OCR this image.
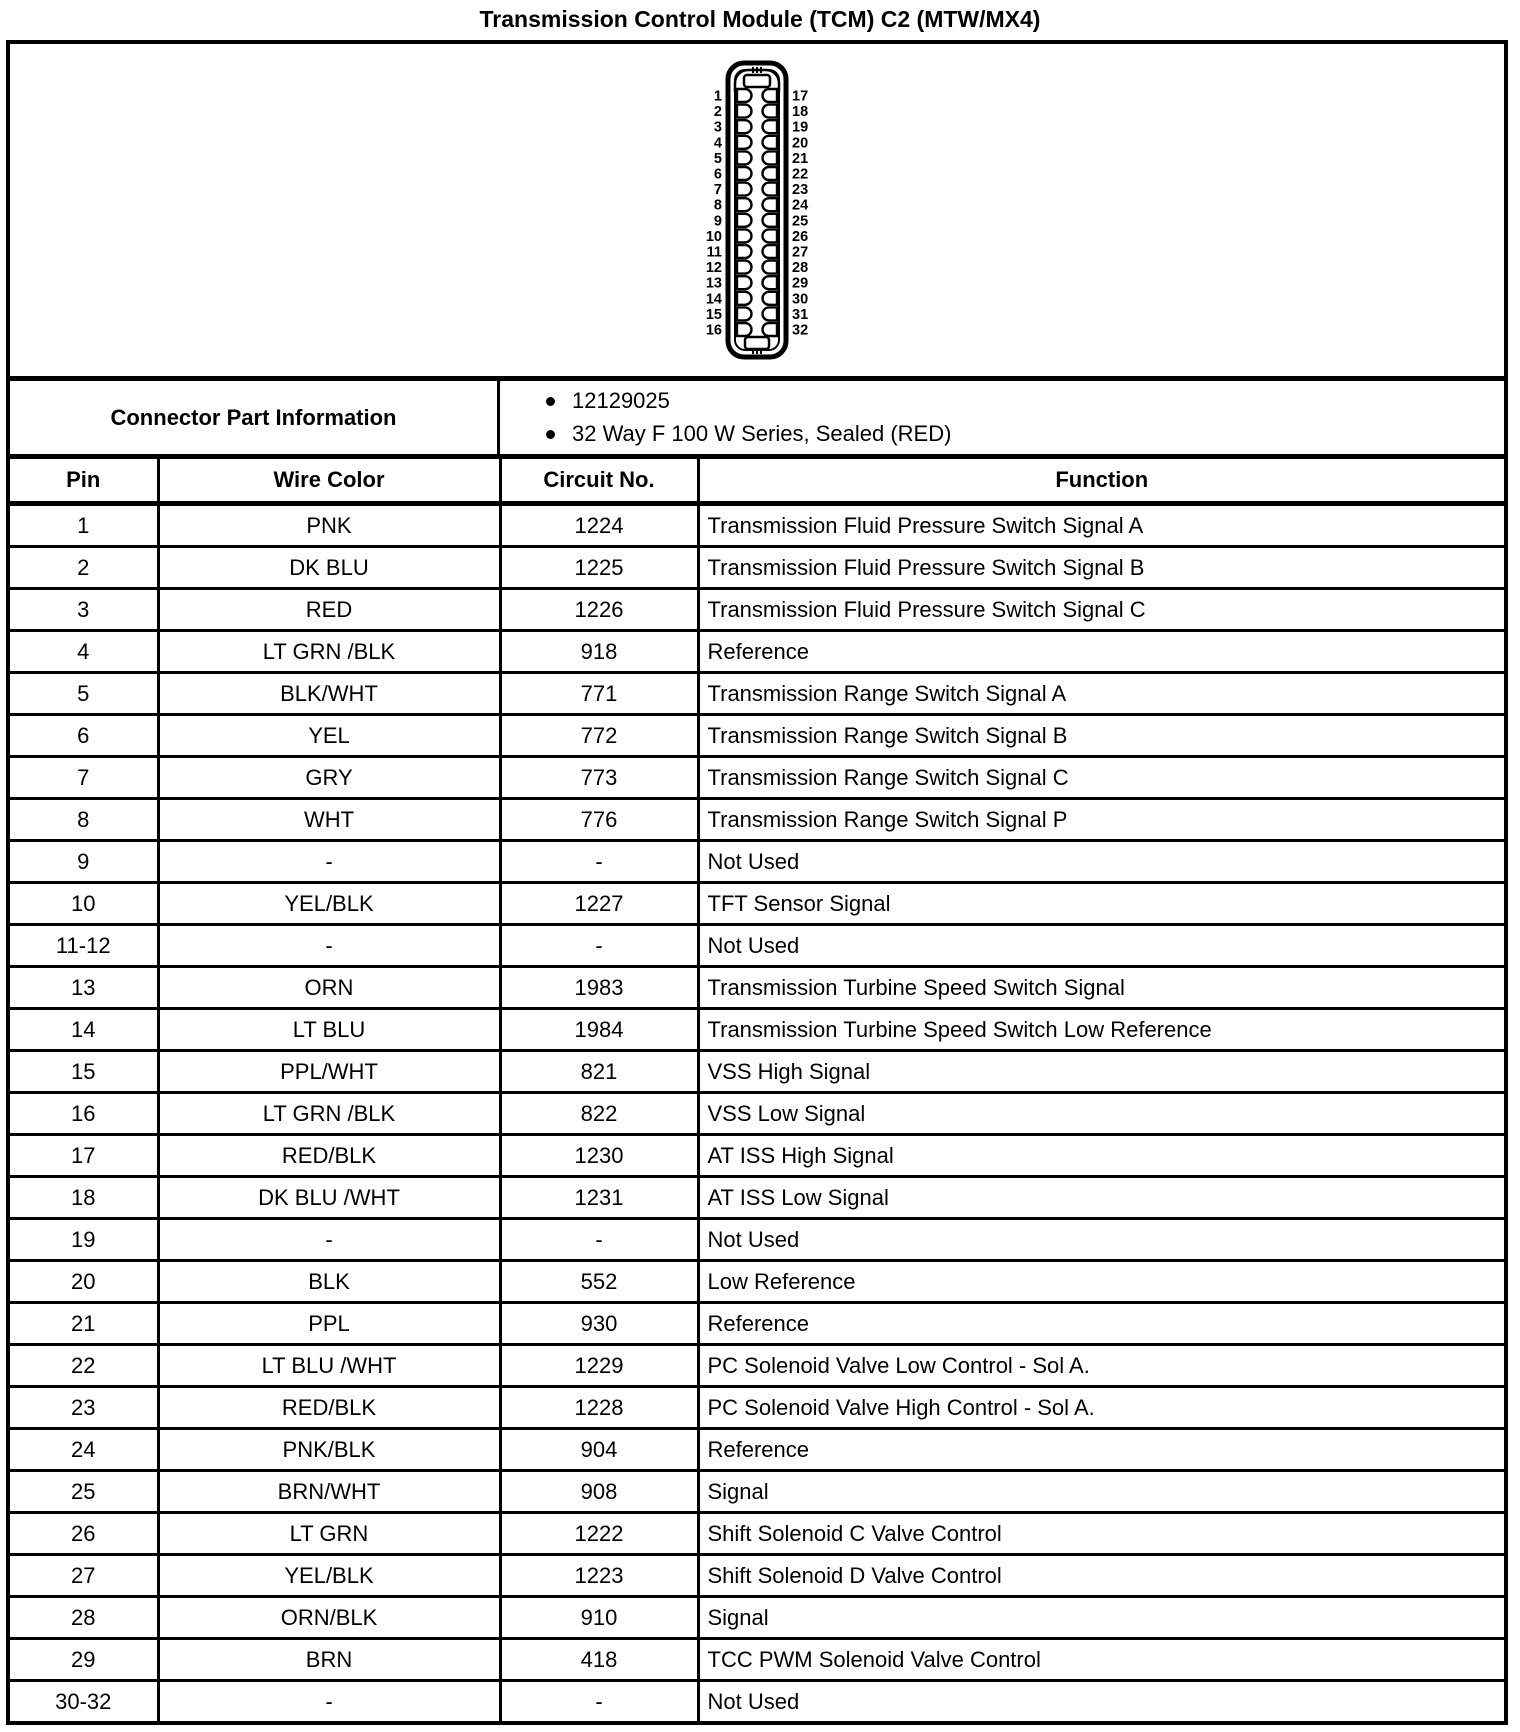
Transmission Control Module (TCM) C2 (MTW/MX4)
1	17
2	18
3	19
4	20
5	21
6	22
7	23
8	24
9	25
10	26
11	27
12	28
13	29
14	30
15	31
16	32
Connector Part Information
12129025
32 Way F 100 W Series, Sealed (RED)
Pin	Wire Color	Circuit No.	Function
1	PNK	1224	Transmission Fluid Pressure Switch Signal A
2	DK BLU	1225	Transmission Fluid Pressure Switch Signal B
3	RED	1226	Transmission Fluid Pressure Switch Signal C
4	LT GRN /BLK	918	Reference
5	BLK/WHT	771	Transmission Range Switch Signal A
6	YEL	772	Transmission Range Switch Signal B
7	GRY	773	Transmission Range Switch Signal C
8	WHT	776	Transmission Range Switch Signal P
9	-	-	Not Used
10	YEL/BLK	1227	TFT Sensor Signal
11-12	-	-	Not Used
13	ORN	1983	Transmission Turbine Speed Switch Signal
14	LT BLU	1984	Transmission Turbine Speed Switch Low Reference
15	PPL/WHT	821	VSS High Signal
16	LT GRN /BLK	822	VSS Low Signal
17	RED/BLK	1230	AT ISS High Signal
18	DK BLU /WHT	1231	AT ISS Low Signal
19	-	-	Not Used
20	BLK	552	Low Reference
21	PPL	930	Reference
22	LT BLU /WHT	1229	PC Solenoid Valve Low Control - Sol A.
23	RED/BLK	1228	PC Solenoid Valve High Control - Sol A.
24	PNK/BLK	904	Reference
25	BRN/WHT	908	Signal
26	LT GRN	1222	Shift Solenoid C Valve Control
27	YEL/BLK	1223	Shift Solenoid D Valve Control
28	ORN/BLK	910	Signal
29	BRN	418	TCC PWM Solenoid Valve Control
30-32	-	-	Not Used
